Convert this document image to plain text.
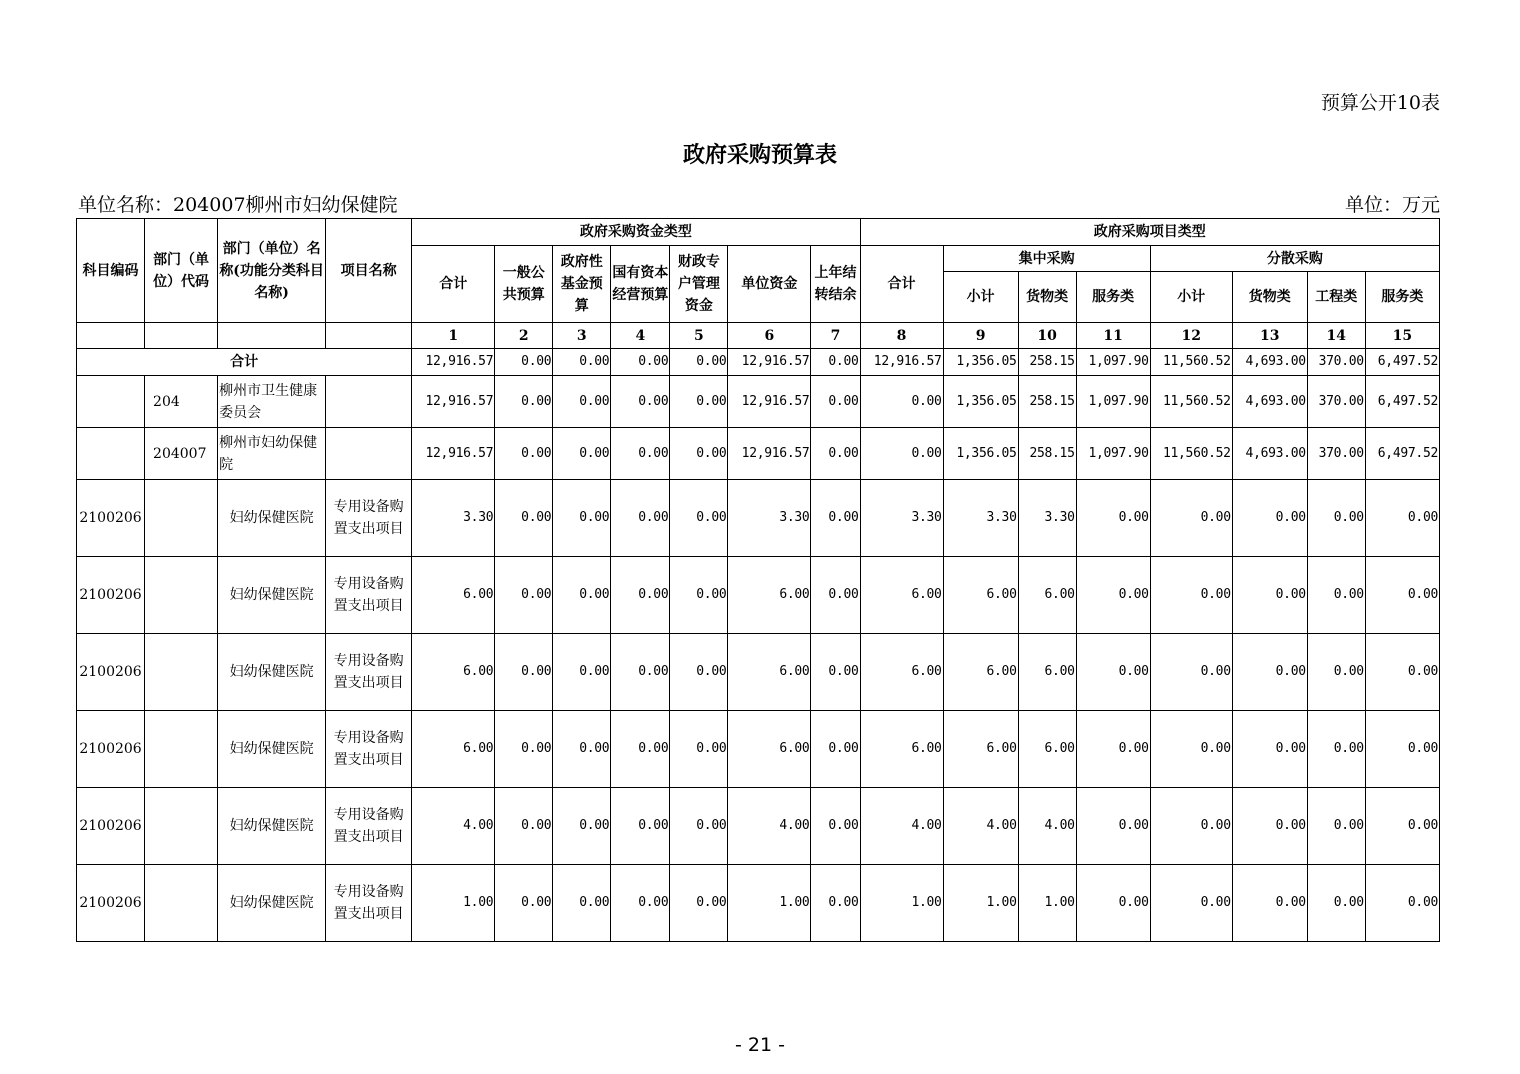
预算公开10表
政府采购预算表
单位名称：204007柳州市妇幼保健院	单位：万元
科目编码	部门（单位）代码	部门（单位）名称(功能分类科目名称)	项目名称	政府采购资金类型							政府采购项目类型							
				合计	一般公共预算	政府性基金预算	国有资本经营预算	财政专户管理资金	单位资金	上年结转结余	合计	集中采购			分散采购			
												小计	货物类	服务类	小计	货物类	工程类	服务类
				1	2	3	4	5	6	7	8	9	10	11	12	13	14	15
合计				12,916.57	0.00	0.00	0.00	0.00	12,916.57	0.00	12,916.57	1,356.05	258.15	1,097.90	11,560.52	4,693.00	370.00	6,497.52
	204	柳州市卫生健康委员会		12,916.57	0.00	0.00	0.00	0.00	12,916.57	0.00	0.00	1,356.05	258.15	1,097.90	11,560.52	4,693.00	370.00	6,497.52
	204007	柳州市妇幼保健院		12,916.57	0.00	0.00	0.00	0.00	12,916.57	0.00	0.00	1,356.05	258.15	1,097.90	11,560.52	4,693.00	370.00	6,497.52
2100206		妇幼保健医院	专用设备购置支出项目	3.30	0.00	0.00	0.00	0.00	3.30	0.00	3.30	3.30	3.30	0.00	0.00	0.00	0.00	0.00
2100206		妇幼保健医院	专用设备购置支出项目	6.00	0.00	0.00	0.00	0.00	6.00	0.00	6.00	6.00	6.00	0.00	0.00	0.00	0.00	0.00
2100206		妇幼保健医院	专用设备购置支出项目	6.00	0.00	0.00	0.00	0.00	6.00	0.00	6.00	6.00	6.00	0.00	0.00	0.00	0.00	0.00
2100206		妇幼保健医院	专用设备购置支出项目	6.00	0.00	0.00	0.00	0.00	6.00	0.00	6.00	6.00	6.00	0.00	0.00	0.00	0.00	0.00
2100206		妇幼保健医院	专用设备购置支出项目	4.00	0.00	0.00	0.00	0.00	4.00	0.00	4.00	4.00	4.00	0.00	0.00	0.00	0.00	0.00
2100206		妇幼保健医院	专用设备购置支出项目	1.00	0.00	0.00	0.00	0.00	1.00	0.00	1.00	1.00	1.00	0.00	0.00	0.00	0.00	0.00
- 21 -
